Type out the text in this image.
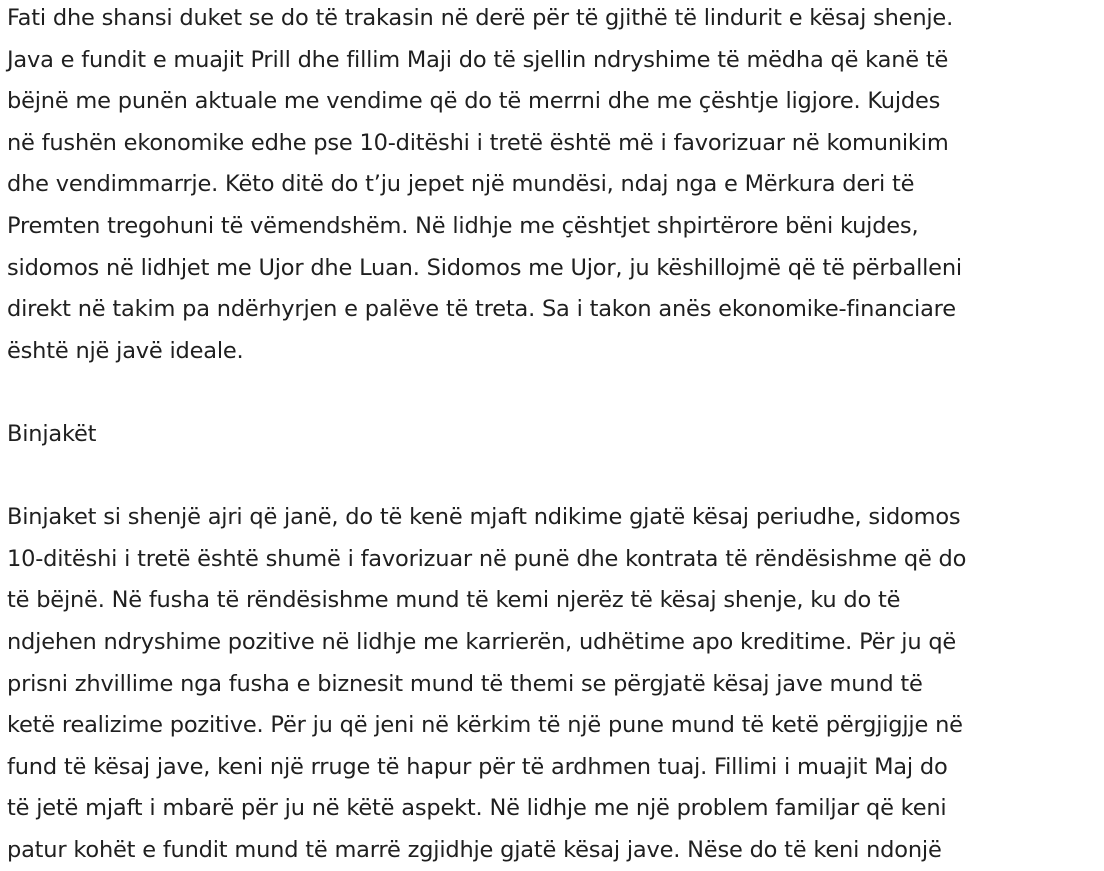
Fati dhe shansi duket se do të trakasin në derë për të gjithë të lindurit e kësaj shenje.
Java e fundit e muajit Prill dhe fillim Maji do të sjellin ndryshime të mëdha që kanë të
bëjnë me punën aktuale me vendime që do të merrni dhe me çështje ligjore. Kujdes
në fushën ekonomike edhe pse 10-ditëshi i tretë është më i favorizuar në komunikim
dhe vendimmarrje. Këto ditë do t’ju jepet një mundësi, ndaj nga e Mërkura deri të
Premten tregohuni të vëmendshëm. Në lidhje me çështjet shpirtërore bëni kujdes,
sidomos në lidhjet me Ujor dhe Luan. Sidomos me Ujor, ju këshillojmë që të përballeni
direkt në takim pa ndërhyrjen e palëve të treta. Sa i takon anës ekonomike-financiare
është një javë ideale.

Binjakët

Binjaket si shenjë ajri që janë, do të kenë mjaft ndikime gjatë kësaj periudhe, sidomos
10-ditëshi i tretë është shumë i favorizuar në punë dhe kontrata të rëndësishme që do
të bëjnë. Në fusha të rëndësishme mund të kemi njerëz të kësaj shenje, ku do të
ndjehen ndryshime pozitive në lidhje me karrierën, udhëtime apo kreditime. Për ju që
prisni zhvillime nga fusha e biznesit mund të themi se përgjatë kësaj jave mund të
ketë realizime pozitive. Për ju që jeni në kërkim të një pune mund të ketë përgjigjje në
fund të kësaj jave, keni një rruge të hapur për të ardhmen tuaj. Fillimi i muajit Maj do
të jetë mjaft i mbarë për ju në këtë aspekt. Në lidhje me një problem familjar që keni
patur kohët e fundit mund të marrë zgjidhje gjatë kësaj jave. Nëse do të keni ndonjë
